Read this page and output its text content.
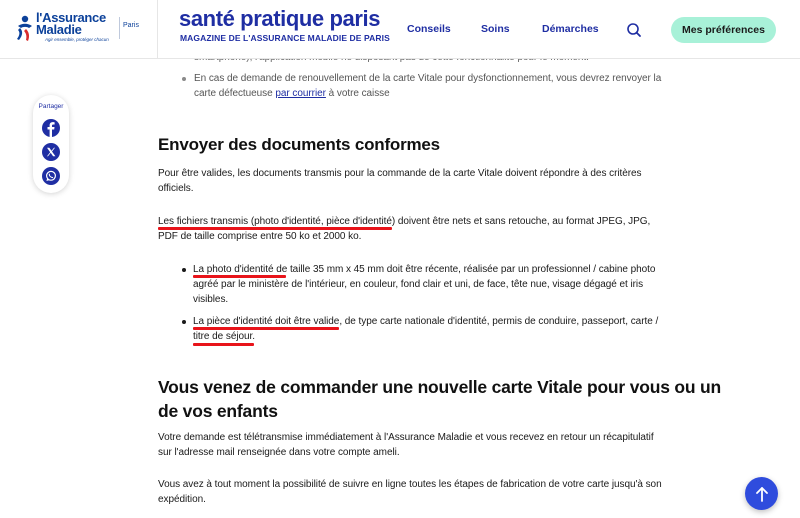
En cas de demande de renouvellement de la carte Vitale pour dysfonctionnement, vous devrez renvoyer la
carte défectueuse par courrier à votre caisse
Envoyer des documents conformes
Pour être valides, les documents transmis pour la commande de la carte Vitale doivent répondre à des critères
officiels.
Les fichiers transmis (photo d'identité, pièce d'identité) doivent être nets et sans retouche, au format JPEG, JPG,
PDF de taille comprise entre 50 ko et 2000 ko.
La photo d'identité de taille 35 mm x 45 mm doit être récente, réalisée par un professionnel / cabine photo
agréé par le ministère de l'intérieur, en couleur, fond clair et uni, de face, tête nue, visage dégagé et iris
visibles.
La pièce d'identité doit être valide, de type carte nationale d'identité, permis de conduire, passeport, carte /
titre de séjour.
Vous venez de commander une nouvelle carte Vitale pour vous ou un
de vos enfants
Votre demande est télétransmise immédiatement à l'Assurance Maladie et vous recevez en retour un récapitulatif
sur l'adresse mail renseignée dans votre compte ameli.
Vous avez à tout moment la possibilité de suivre en ligne toutes les étapes de fabrication de votre carte jusqu'à son
expédition.
l'Assurance
Maladie
Agir ensemble, protéger chacun
Paris santé pratique paris
MAGAZINE DE L'ASSURANCE MALADIE DE PARIS
Conseils	Soins	Démarches	Mes préférences
Partager
